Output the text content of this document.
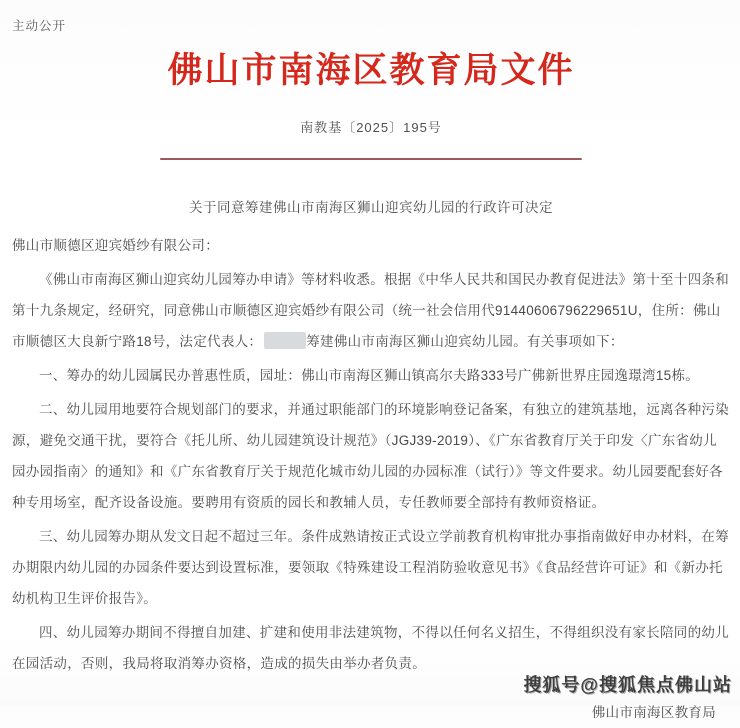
主动公开
佛山市南海区教育局文件
南教基〔2025〕195号
关于同意筹建佛山市南海区狮山迎宾幼儿园的行政许可决定

佛山市顺德区迎宾婚纱有限公司：

《佛山市南海区狮山迎宾幼儿园筹办申请》等材料收悉。根据《中华人民共和国民办教育促进法》第十至十四条和第十九条规定，经研究，同意佛山市顺德区迎宾婚纱有限公司（统一社会信用代91440606796229651U，住所：佛山市顺德区大良新宁路18号，法定代表人：	筹建佛山市南海区狮山迎宾幼儿园。有关事项如下：

一、筹办的幼儿园属民办普惠性质，园址：佛山市南海区狮山镇高尔夫路333号广佛新世界庄园逸璟湾15栋。

二、幼儿园用地要符合规划部门的要求，并通过职能部门的环境影响登记备案，有独立的建筑基地，远离各种污染源，避免交通干扰，要符合《托儿所、幼儿园建筑设计规范》（JGJ39-2019）、《广东省教育厅关于印发〈广东省幼儿园办园指南〉的通知》和《广东省教育厅关于规范化城市幼儿园的办园标准（试行）》等文件要求。幼儿园要配套好各种专用场室，配齐设备设施。要聘用有资质的园长和教辅人员，专任教师要全部持有教师资格证。

三、幼儿园筹办期从发文日起不超过三年。条件成熟请按正式设立学前教育机构审批办事指南做好申办材料，在筹办期限内幼儿园的办园条件要达到设置标准，要领取《特殊建设工程消防验收意见书》《食品经营许可证》和《新办托幼机构卫生评价报告》。

四、幼儿园筹办期间不得擅自加建、扩建和使用非法建筑物，不得以任何名义招生，不得组织没有家长陪同的幼儿在园活动，否则，我局将取消筹办资格，造成的损失由举办者负责。

佛山市南海区教育局
搜狐号@搜狐焦点佛山站
